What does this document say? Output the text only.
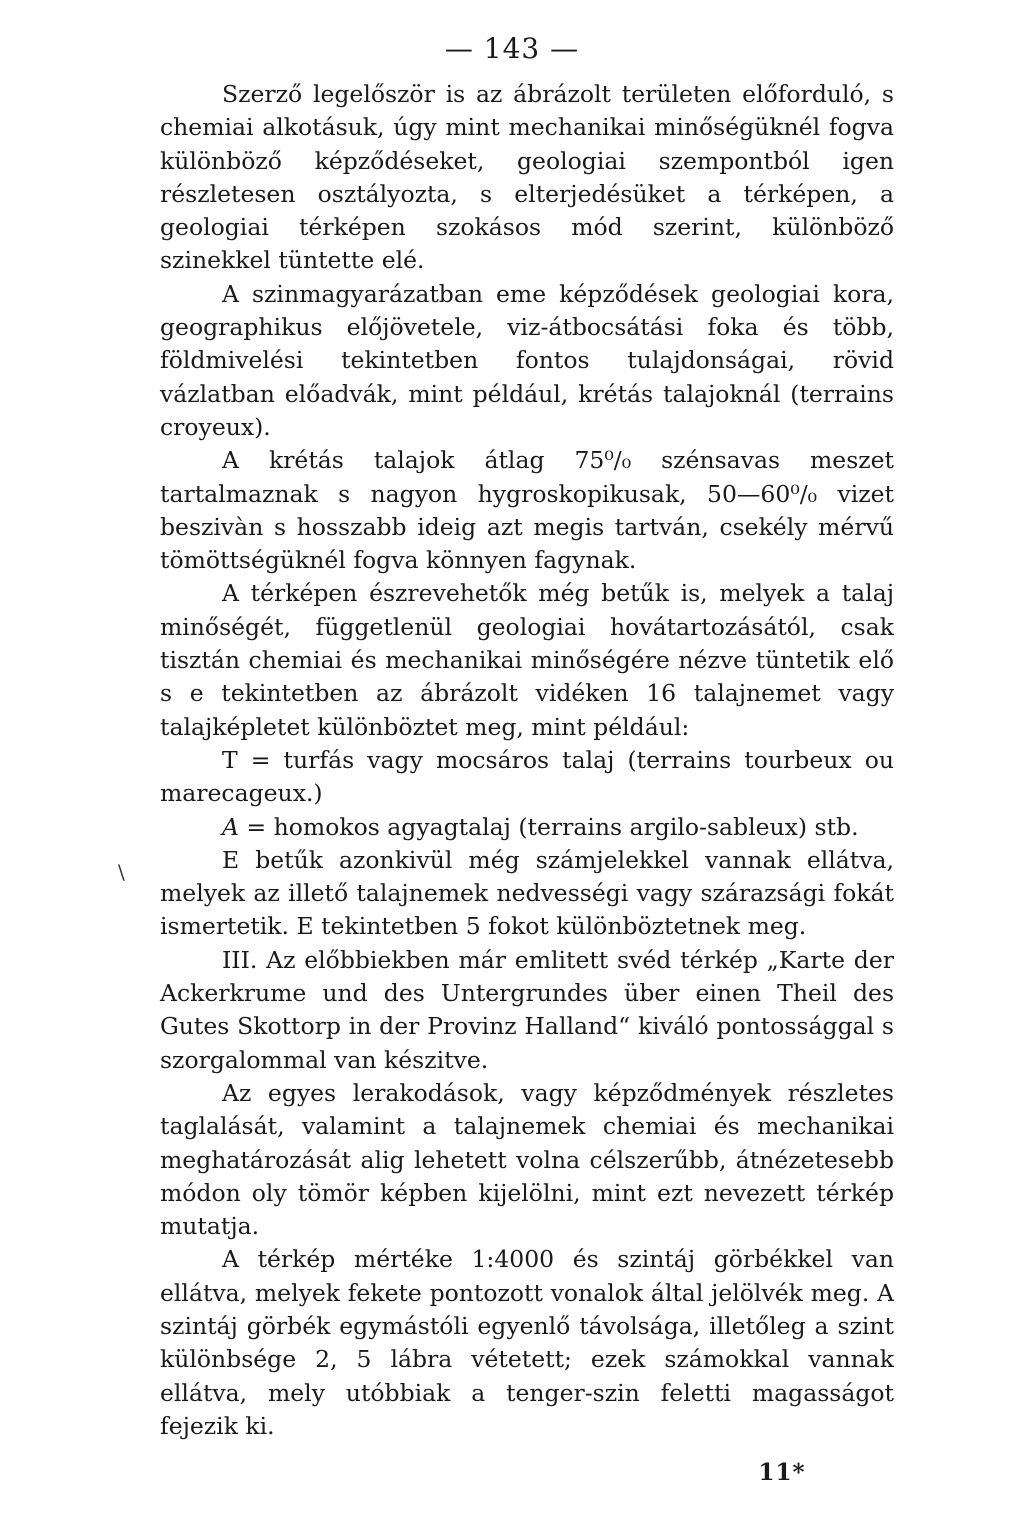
— 143 —

Szerző legelőször is az ábrázolt területen előforduló, s chemiai alkotásuk, úgy mint mechanikai minőségüknél fogva különböző képződéseket, geologiai szempontból igen részletesen osztályozta, s elterjedésüket a térképen, a geologiai térképen szokásos mód szerint, különböző szinekkel tüntette elé.

A szinmagyarázatban eme képződések geologiai kora, geographikus előjövetele, viz-átbocsátási foka és több, földmivelési tekintetben fontos tulajdonságai, rövid vázlatban előadvák, mint például, krétás talajoknál (terrains croyeux).

A krétás talajok átlag 75⁰/₀ szénsavas meszet tartalmaznak s nagyon hygroskopikusak, 50—60⁰/₀ vizet beszivàn s hosszabb ideig azt megis tartván, csekély mérvű tömöttségüknél fogva könnyen fagynak.

A térképen észrevehetők még betűk is, melyek a talaj minőségét, függetlenül geologiai hovátartozásától, csak tisztán chemiai és mechanikai minőségére nézve tüntetik elő s e tekintetben az ábrázolt vidéken 16 talajnemet vagy talajképletet különböztet meg, mint például:

T = turfás vagy mocsáros talaj (terrains tourbeux ou marecageux.)

A = homokos agyagtalaj (terrains argilo-sableux) stb.

E betűk azonkivül még számjelekkel vannak ellátva, melyek az illető talajnemek nedvességi vagy szárazsági fokát ismertetik. E tekintetben 5 fokot különböztetnek meg.

III. Az előbbiekben már emlitett svéd térkép „Karte der Ackerkrume und des Untergrundes über einen Theil des Gutes Skottorp in der Provinz Halland“ kiváló pontossággal s szorgalommal van készitve.

Az egyes lerakodások, vagy képződmények részletes taglalását, valamint a talajnemek chemiai és mechanikai meghatározását alig lehetett volna célszerűbb, átnézetesebb módon oly tömör képben kijelölni, mint ezt nevezett térkép mutatja.

A térkép mértéke 1:4000 és szintáj görbékkel van ellátva, melyek fekete pontozott vonalok által jelölvék meg. A szintáj görbék egymástóli egyenlő távolsága, illetőleg a szint különbsége 2, 5 lábra vétetett; ezek számokkal vannak ellátva, mely utóbbiak a tenger-szin feletti magasságot fejezik ki.

\
11*
